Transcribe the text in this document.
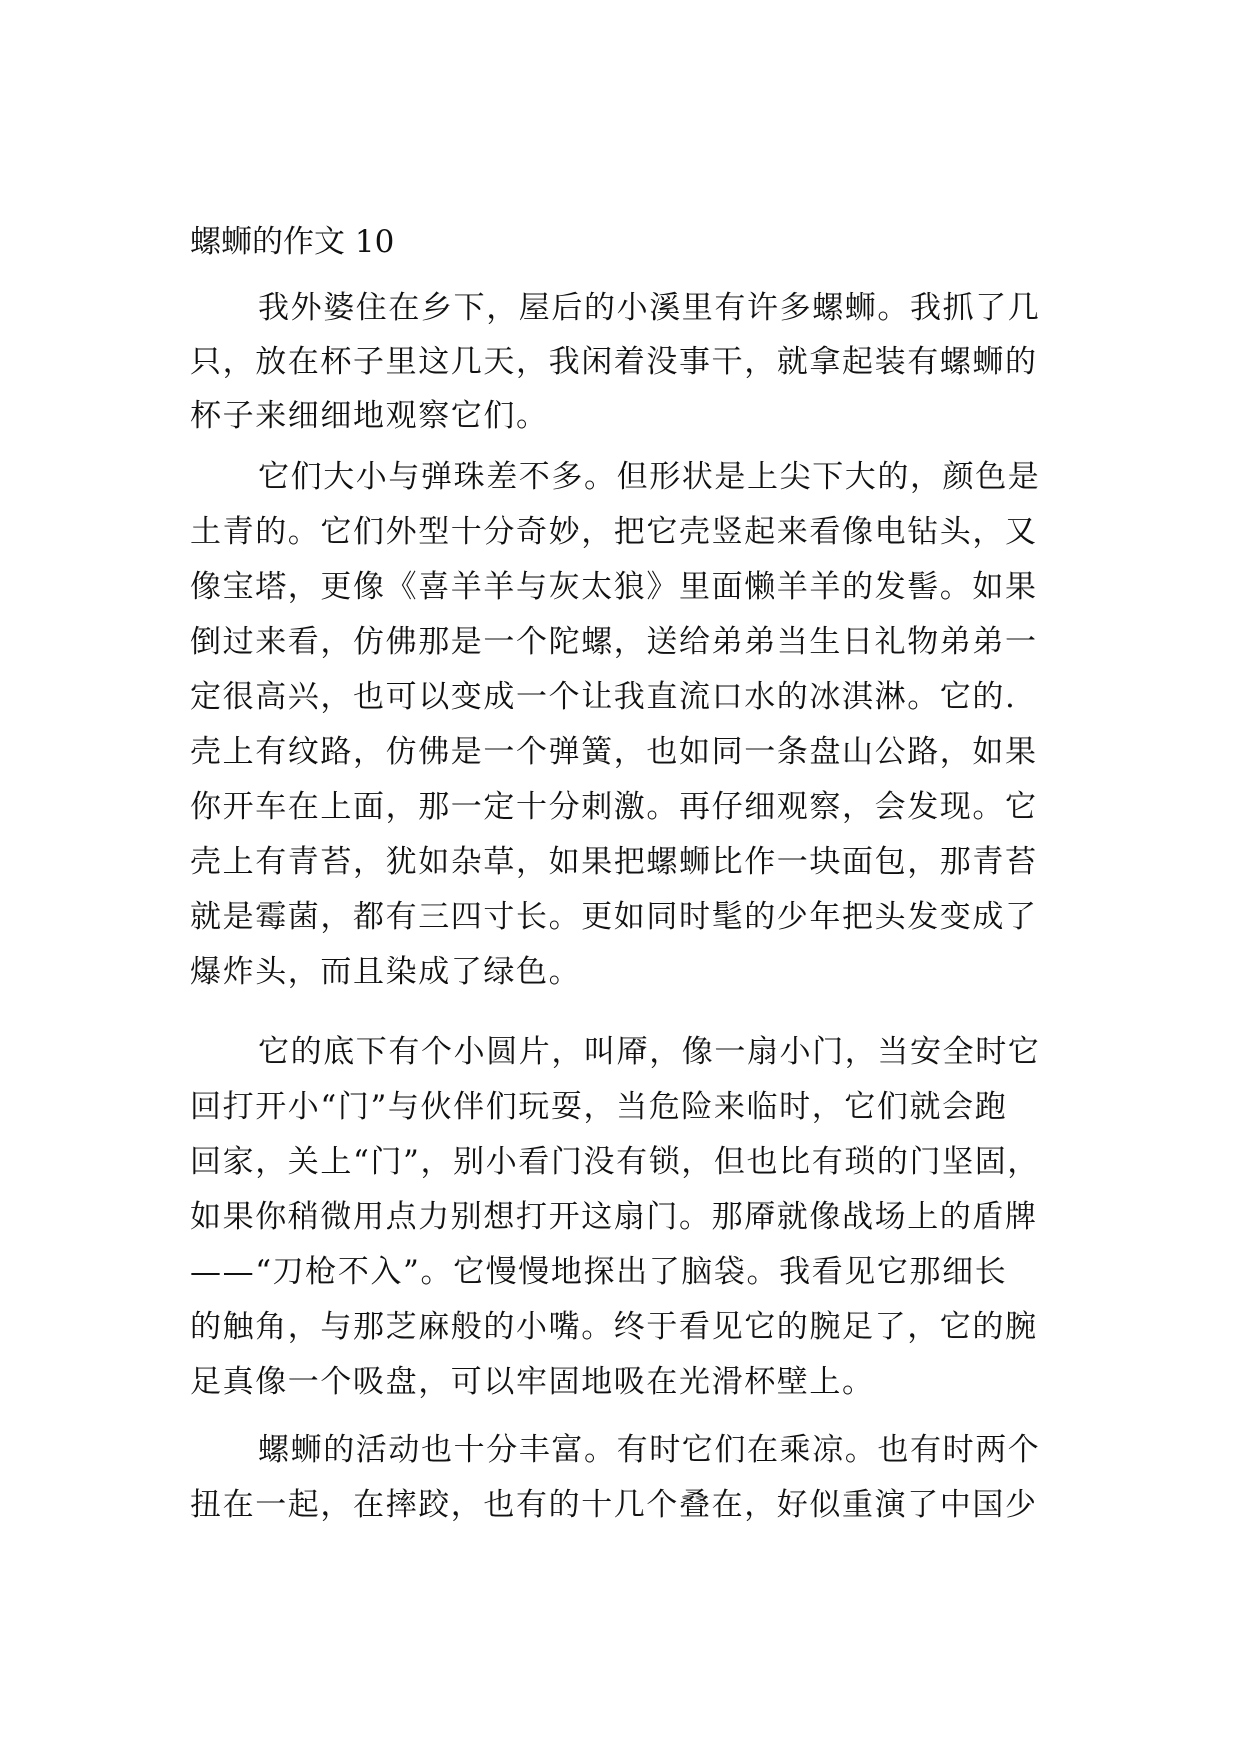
螺蛳的作文 10
我外婆住在乡下，屋后的小溪里有许多螺蛳。我抓了几
只，放在杯子里这几天，我闲着没事干，就拿起装有螺蛳的
杯子来细细地观察它们。
它们大小与弹珠差不多。但形状是上尖下大的，颜色是
土青的。它们外型十分奇妙，把它壳竖起来看像电钻头，又
像宝塔，更像《喜羊羊与灰太狼》里面懒羊羊的发髻。如果
倒过来看，仿佛那是一个陀螺，送给弟弟当生日礼物弟弟一
定很高兴，也可以变成一个让我直流口水的冰淇淋。它的.
壳上有纹路，仿佛是一个弹簧，也如同一条盘山公路，如果
你开车在上面，那一定十分刺激。再仔细观察，会发现。它
壳上有青苔，犹如杂草，如果把螺蛳比作一块面包，那青苔
就是霉菌，都有三四寸长。更如同时髦的少年把头发变成了
爆炸头，而且染成了绿色。
它的底下有个小圆片，叫厣，像一扇小门，当安全时它
回打开小“门”与伙伴们玩耍，当危险来临时，它们就会跑
回家，关上“门”，别小看门没有锁，但也比有琐的门坚固，
如果你稍微用点力别想打开这扇门。那厣就像战场上的盾牌
——“刀枪不入”。它慢慢地探出了脑袋。我看见它那细长
的触角，与那芝麻般的小嘴。终于看见它的腕足了，它的腕
足真像一个吸盘，可以牢固地吸在光滑杯壁上。
螺蛳的活动也十分丰富。有时它们在乘凉。也有时两个
扭在一起，在摔跤，也有的十几个叠在，好似重演了中国少
